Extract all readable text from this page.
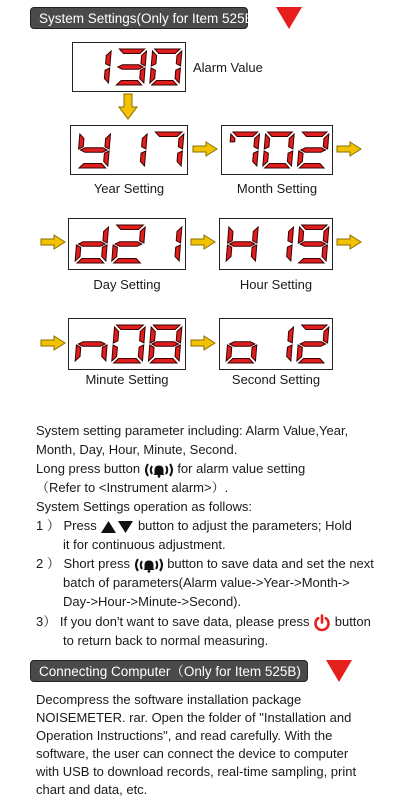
System Settings(Only for Item 525B)
Alarm Value
Year Setting	Month Setting
Day Setting	Hour Setting
Minute Setting	Second Setting
System setting parameter including: Alarm Value,Year,
Month, Day, Hour, Minute, Second.
Long press button	for alarm value setting
（Refer to <Instrument alarm>）.
System Settings operation as follows:
1 ） Press	button to adjust the parameters; Hold
it for continuous adjustment.
2 ） Short press	button to save data and set the next
batch of parameters(Alarm value->Year->Month->
Day->Hour->Minute->Second).
3） If you don't want to save data, please press  button
to return back to normal measuring.
Connecting Computer（Only for Item 525B)
Decompress the software installation package
NOISEMETER. rar. Open the folder of "Installation and
Operation Instructions", and read carefully. With the
software, the user can connect the device to computer
with USB to download records, real-time sampling, print
chart and data, etc.
